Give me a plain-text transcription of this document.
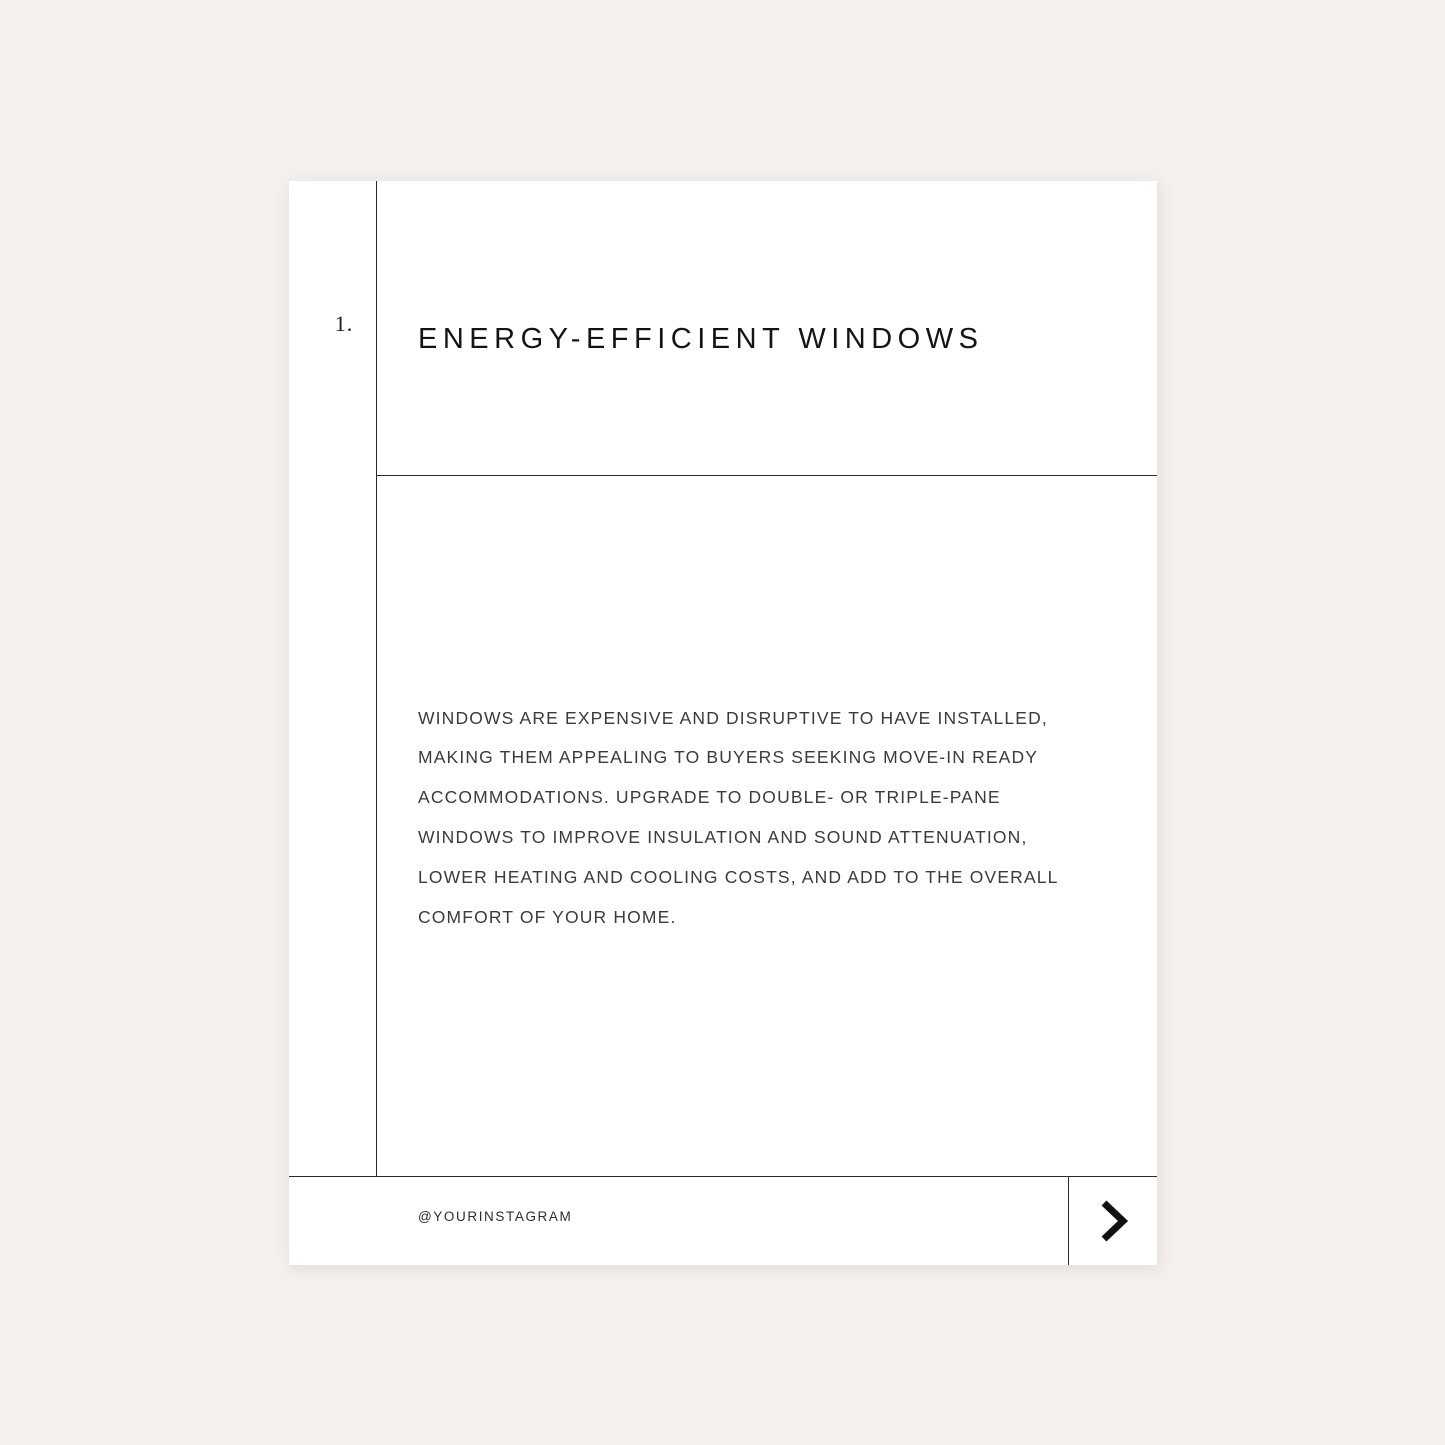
1.	ENERGY-EFFICIENT WINDOWS

WINDOWS ARE EXPENSIVE AND DISRUPTIVE TO HAVE INSTALLED, MAKING THEM APPEALING TO BUYERS SEEKING MOVE-IN READY ACCOMMODATIONS. UPGRADE TO DOUBLE- OR TRIPLE-PANE WINDOWS TO IMPROVE INSULATION AND SOUND ATTENUATION, LOWER HEATING AND COOLING COSTS, AND ADD TO THE OVERALL COMFORT OF YOUR HOME.

@YOURINSTAGRAM
